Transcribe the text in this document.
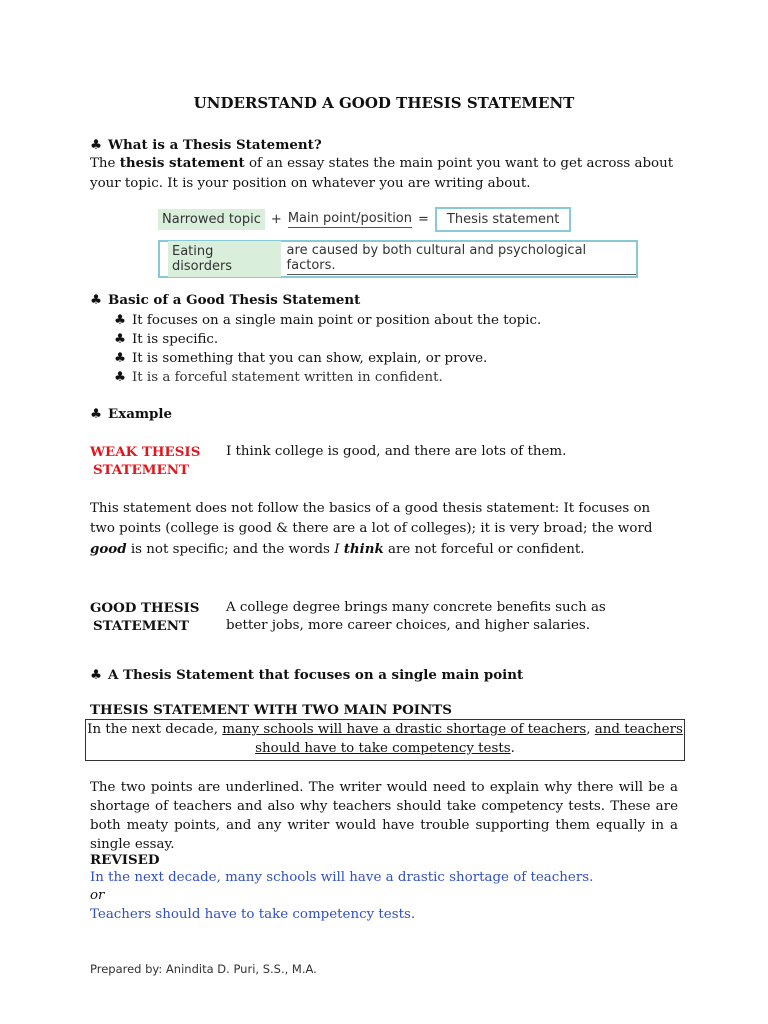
UNDERSTAND A GOOD THESIS STATEMENT
♣ What is a Thesis Statement?
The thesis statement of an essay states the main point you want to get across about your topic. It is your position on whatever you are writing about.
Narrowed topic + Main point/position =	Thesis statement
Eating disorders
are caused by both cultural and psychological factors.
♣ Basic of a Good Thesis Statement
♣ It focuses on a single main point or position about the topic.
♣ It is specific.
♣ It is something that you can show, explain, or prove.
♣ It is a forceful statement written in confident.
♣ Example
WEAK THESIS
STATEMENT
I think college is good, and there are lots of them.
This statement does not follow the basics of a good thesis statement: It focuses on two points (college is good & there are a lot of colleges); it is very broad; the word good is not specific; and the words I think are not forceful or confident.
GOOD THESIS
STATEMENT
A college degree brings many concrete benefits such as
better jobs, more career choices, and higher salaries.
♣ A Thesis Statement that focuses on a single main point
THESIS STATEMENT WITH TWO MAIN POINTS
In the next decade, many schools will have a drastic shortage of teachers, and teachers
should have to take competency tests.
The two points are underlined. The writer would need to explain why there will be a shortage of teachers and also why teachers should take competency tests. These are both meaty points, and any writer would have trouble supporting them equally in a single essay.
REVISED
In the next decade, many schools will have a drastic shortage of teachers.
or
Teachers should have to take competency tests.
Prepared by: Anindita D. Puri, S.S., M.A.
